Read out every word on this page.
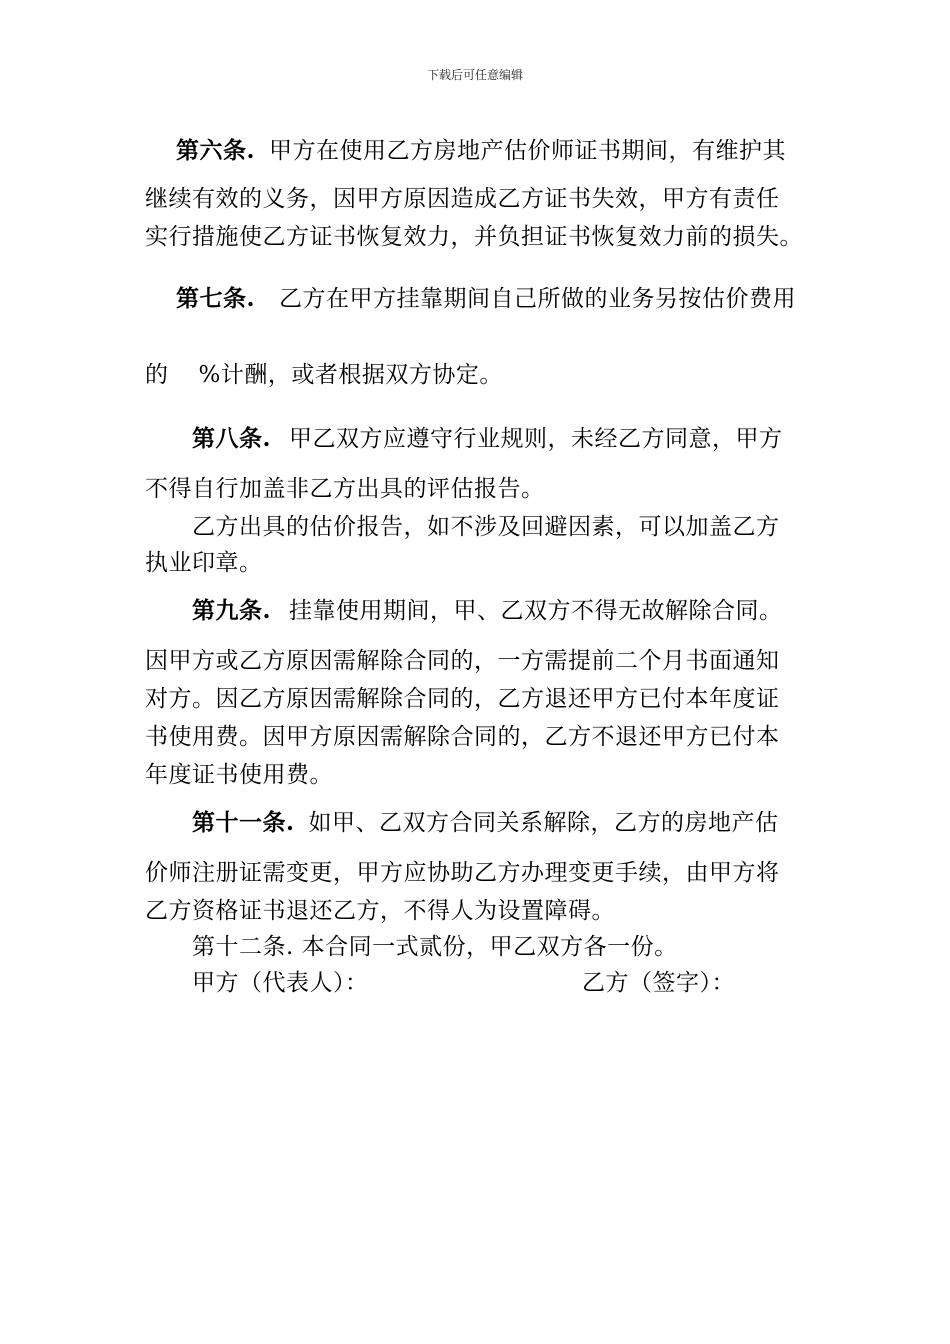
下载后可任意编辑
第六条. 甲方在使用乙方房地产估价师证书期间，有维护其
继续有效的义务，因甲方原因造成乙方证书失效，甲方有责任
实行措施使乙方证书恢复效力，并负担证书恢复效力前的损失。
第七条. 乙方在甲方挂靠期间自己所做的业务另按估价费用
的 %计酬，或者根据双方协定。
第八条. 甲乙双方应遵守行业规则，未经乙方同意，甲方
不得自行加盖非乙方出具的评估报告。
乙方出具的估价报告，如不涉及回避因素，可以加盖乙方
执业印章。
第九条. 挂靠使用期间，甲、乙双方不得无故解除合同。
因甲方或乙方原因需解除合同的，一方需提前二个月书面通知
对方。因乙方原因需解除合同的，乙方退还甲方已付本年度证
书使用费。因甲方原因需解除合同的，乙方不退还甲方已付本
年度证书使用费。
第十一条. 如甲、乙双方合同关系解除，乙方的房地产估
价师注册证需变更，甲方应协助乙方办理变更手续，由甲方将
乙方资格证书退还乙方，不得人为设置障碍。
第十二条. 本合同一式贰份，甲乙双方各一份。
甲方（代表人）：	乙方（签字）：
